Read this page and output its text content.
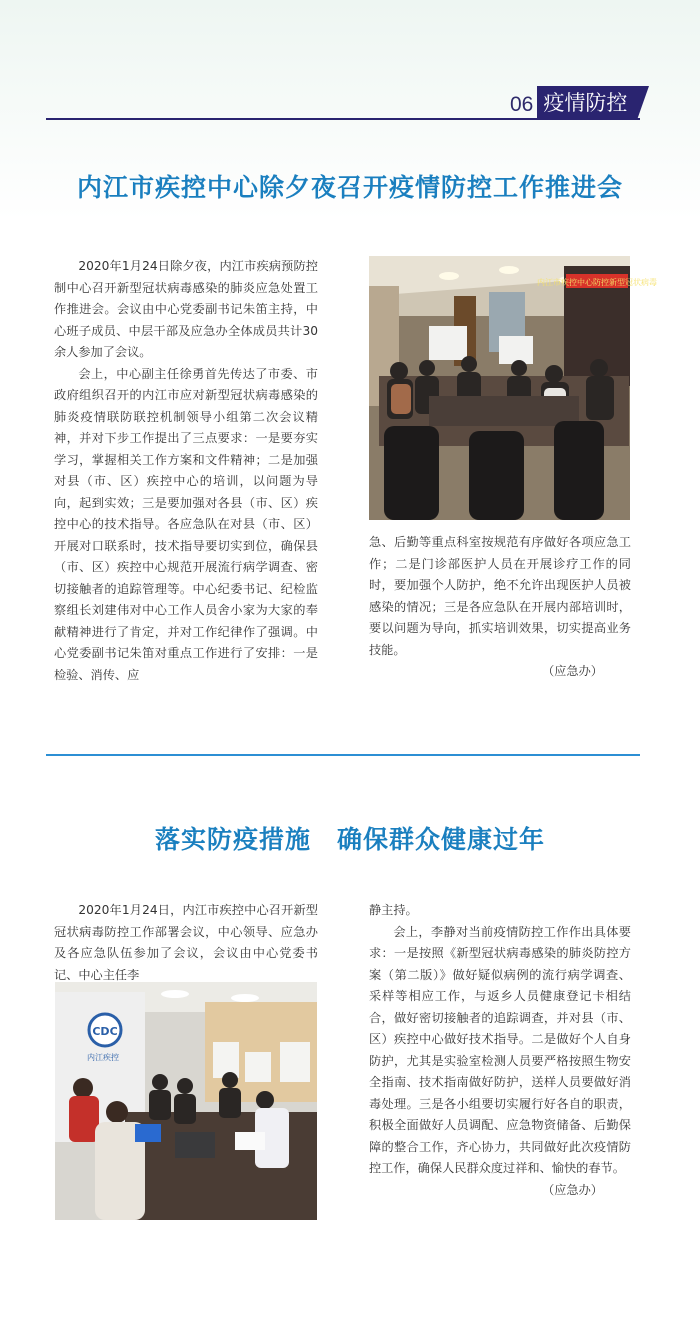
06 疫情防控
内江市疾控中心除夕夜召开疫情防控工作推进会

2020年1月24日除夕夜，内江市疾病预防控制中心召开新型冠状病毒感染的肺炎应急处置工作推进会。会议由中心党委副书记朱笛主持，中心班子成员、中层干部及应急办全体成员共计30余人参加了会议。

会上，中心副主任徐勇首先传达了市委、市政府组织召开的内江市应对新型冠状病毒感染的肺炎疫情联防联控机制领导小组第二次会议精神，并对下步工作提出了三点要求：一是要夯实学习，掌握相关工作方案和文件精神；二是加强对县（市、区）疾控中心的培训，以问题为导向，起到实效；三是要加强对各县（市、区）疾控中心的技术指导。各应急队在对县（市、区）开展对口联系时，技术指导要切实到位，确保县（市、区）疾控中心规范开展流行病学调查、密切接触者的追踪管理等。中心纪委书记、纪检监察组长刘建伟对中心工作人员舍小家为大家的奉献精神进行了肯定，并对工作纪律作了强调。中心党委副书记朱笛对重点工作进行了安排：一是检验、消传、应

内江市疾控中心防控新型冠状病毒

急、后勤等重点科室按规范有序做好各项应急工作；二是门诊部医护人员在开展诊疗工作的同时，要加强个人防护，绝不允许出现医护人员被感染的情况；三是各应急队在开展内部培训时，要以问题为导向，抓实培训效果，切实提高业务技能。

（应急办）

落实防疫措施　确保群众健康过年

2020年1月24日，内江市疾控中心召开新型冠状病毒防控工作部署会议，中心领导、应急办及各应急队伍参加了会议，会议由中心党委书记、中心主任李

CDC
内江疾控

静主持。

会上，李静对当前疫情防控工作作出具体要求：一是按照《新型冠状病毒感染的肺炎防控方案（第二版）》做好疑似病例的流行病学调查、采样等相应工作，与返乡人员健康登记卡相结合，做好密切接触者的追踪调查，并对县（市、区）疾控中心做好技术指导。二是做好个人自身防护，尤其是实验室检测人员要严格按照生物安全指南、技术指南做好防护，送样人员要做好消毒处理。三是各小组要切实履行好各自的职责，积极全面做好人员调配、应急物资储备、后勤保障的整合工作，齐心协力，共同做好此次疫情防控工作，确保人民群众度过祥和、愉快的春节。

（应急办）
